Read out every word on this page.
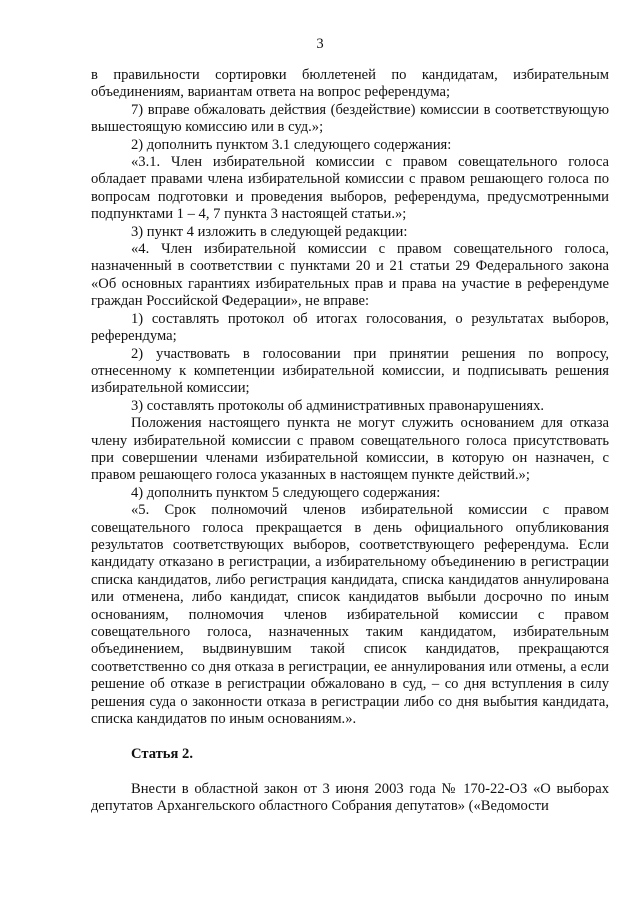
3

в правильности сортировки бюллетеней по кандидатам, избирательным объединениям, вариантам ответа на вопрос референдума;

7) вправе обжаловать действия (бездействие) комиссии в соответствующую вышестоящую комиссию или в суд.»;

2) дополнить пунктом 3.1 следующего содержания:

«3.1. Член избирательной комиссии с правом совещательного голоса обладает правами члена избирательной комиссии с правом решающего голоса по вопросам подготовки и проведения выборов, референдума, предусмотренными подпунктами 1 – 4, 7 пункта 3 настоящей статьи.»;

3) пункт 4 изложить в следующей редакции:

«4. Член избирательной комиссии с правом совещательного голоса, назначенный в соответствии с пунктами 20 и 21 статьи 29 Федерального закона «Об основных гарантиях избирательных прав и права на участие в референдуме граждан Российской Федерации», не вправе:

1) составлять протокол об итогах голосования, о результатах выборов, референдума;

2) участвовать в голосовании при принятии решения по вопросу, отнесенному к компетенции избирательной комиссии, и подписывать решения избирательной комиссии;

3) составлять протоколы об административных правонарушениях.

Положения настоящего пункта не могут служить основанием для отказа члену избирательной комиссии с правом совещательного голоса присутствовать при совершении членами избирательной комиссии, в которую он назначен, с правом решающего голоса указанных в настоящем пункте действий.»;

4) дополнить пунктом 5 следующего содержания:

«5. Срок полномочий членов избирательной комиссии с правом совещательного голоса прекращается в день официального опубликования результатов соответствующих выборов, соответствующего референдума. Если кандидату отказано в регистрации, а избирательному объединению в регистрации списка кандидатов, либо регистрация кандидата, списка кандидатов аннулирована или отменена, либо кандидат, список кандидатов выбыли досрочно по иным основаниям, полномочия членов избирательной комиссии с правом совещательного голоса, назначенных таким кандидатом, избирательным объединением, выдвинувшим такой список кандидатов, прекращаются соответственно со дня отказа в регистрации, ее аннулирования или отмены, а если решение об отказе в регистрации обжаловано в суд, – со дня вступления в силу решения суда о законности отказа в регистрации либо со дня выбытия кандидата, списка кандидатов по иным основаниям.».

Статья 2.

Внести в областной закон от 3 июня 2003 года № 170-22-ОЗ «О выборах депутатов Архангельского областного Собрания депутатов» («Ведомости
